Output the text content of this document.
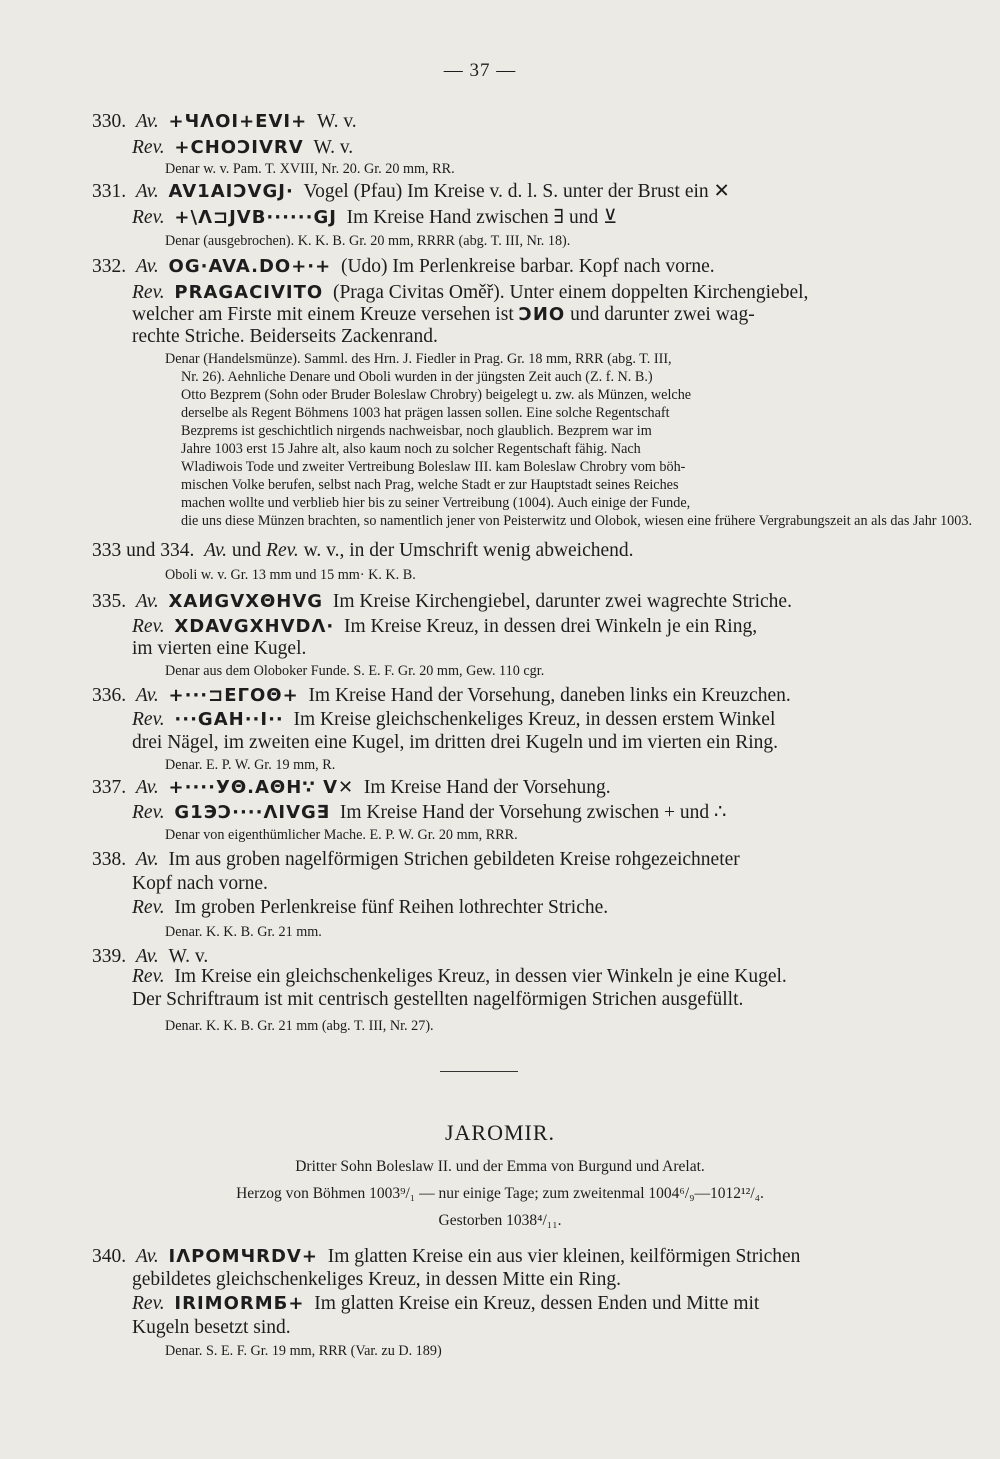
— 37 —
330. Av. +ЧΛOI+EVI+ W. v.
Rev. +CHOƆIVRV W. v.
Denar w. v. Pam. T. XVIII, Nr. 20. Gr. 20 mm, RR.
331. Av. AV1AIƆVGJ· Vogel (Pfau) Im Kreise v. d. l. S. unter der Brust ein ✕
Rev. +\Λ⊐JVB······GJ Im Kreise Hand zwischen ∃ und ⊻
Denar (ausgebrochen). K. K. B. Gr. 20 mm, RRRR (abg. T. III, Nr. 18).
332. Av. OG·AVA.DO+·+ (Udo) Im Perlenkreise barbar. Kopf nach vorne.
Rev. PRAGACIVITO (Praga Civitas Oměř). Unter einem doppelten Kirchengiebel,
welcher am Firste mit einem Kreuze versehen ist ƆИO und darunter zwei wag-
rechte Striche. Beiderseits Zackenrand.
Denar (Handelsmünze). Samml. des Hrn. J. Fiedler in Prag. Gr. 18 mm, RRR (abg. T. III,
Nr. 26). Aehnliche Denare und Oboli wurden in der jüngsten Zeit auch (Z. f. N. B.)
Otto Bezprem (Sohn oder Bruder Boleslaw Chrobry) beigelegt u. zw. als Münzen, welche
derselbe als Regent Böhmens 1003 hat prägen lassen sollen. Eine solche Regentschaft
Bezprems ist geschichtlich nirgends nachweisbar, noch glaublich. Bezprem war im
Jahre 1003 erst 15 Jahre alt, also kaum noch zu solcher Regentschaft fähig. Nach
Wladiwois Tode und zweiter Vertreibung Boleslaw III. kam Boleslaw Chrobry vom böh-
mischen Volke berufen, selbst nach Prag, welche Stadt er zur Hauptstadt seines Reiches
machen wollte und verblieb hier bis zu seiner Vertreibung (1004). Auch einige der Funde,
die uns diese Münzen brachten, so namentlich jener von Peisterwitz und Olobok, wiesen eine frühere Vergrabungszeit an als das Jahr 1003.
333 und 334. Av. und Rev. w. v., in der Umschrift wenig abweichend.
Oboli w. v. Gr. 13 mm und 15 mm· K. K. B.
335. Av. XAИGVXΘHVG Im Kreise Kirchengiebel, darunter zwei wagrechte Striche.
Rev. XDAVGXHVDΛ· Im Kreise Kreuz, in dessen drei Winkeln je ein Ring,
im vierten eine Kugel.
Denar aus dem Oloboker Funde. S. E. F. Gr. 20 mm, Gew. 110 cgr.
336. Av. +···⊐EГOΘ+ Im Kreise Hand der Vorsehung, daneben links ein Kreuzchen.
Rev. ···GAH··I·· Im Kreise gleichschenkeliges Kreuz, in dessen erstem Winkel
drei Nägel, im zweiten eine Kugel, im dritten drei Kugeln und im vierten ein Ring.
Denar. E. P. W. Gr. 19 mm, R.
337. Av. +····УΘ.AΘH∵ V✕ Im Kreise Hand der Vorsehung.
Rev. G1ЭƆ····ΛIVG∃ Im Kreise Hand der Vorsehung zwischen + und ∴
Denar von eigenthümlicher Mache. E. P. W. Gr. 20 mm, RRR.
338. Av. Im aus groben nagelförmigen Strichen gebildeten Kreise rohgezeichneter
Kopf nach vorne.
Rev. Im groben Perlenkreise fünf Reihen lothrechter Striche.
Denar. K. K. B. Gr. 21 mm.
339. Av. W. v.
Rev. Im Kreise ein gleichschenkeliges Kreuz, in dessen vier Winkeln je eine Kugel.
Der Schriftraum ist mit centrisch gestellten nagelförmigen Strichen ausgefüllt.
Denar. K. K. B. Gr. 21 mm (abg. T. III, Nr. 27).
JAROMIR.
Dritter Sohn Boleslaw II. und der Emma von Burgund und Arelat.
Herzog von Böhmen 1003⁹/₁ — nur einige Tage; zum zweitenmal 1004⁶/₉—1012¹²/₄.
Gestorben 1038⁴/₁₁.
340. Av. IΛPOMЧRDV+ Im glatten Kreise ein aus vier kleinen, keilförmigen Strichen
gebildetes gleichschenkeliges Kreuz, in dessen Mitte ein Ring.
Rev. IRIMORMБ+ Im glatten Kreise ein Kreuz, dessen Enden und Mitte mit
Kugeln besetzt sind.
Denar. S. E. F. Gr. 19 mm, RRR (Var. zu D. 189)
